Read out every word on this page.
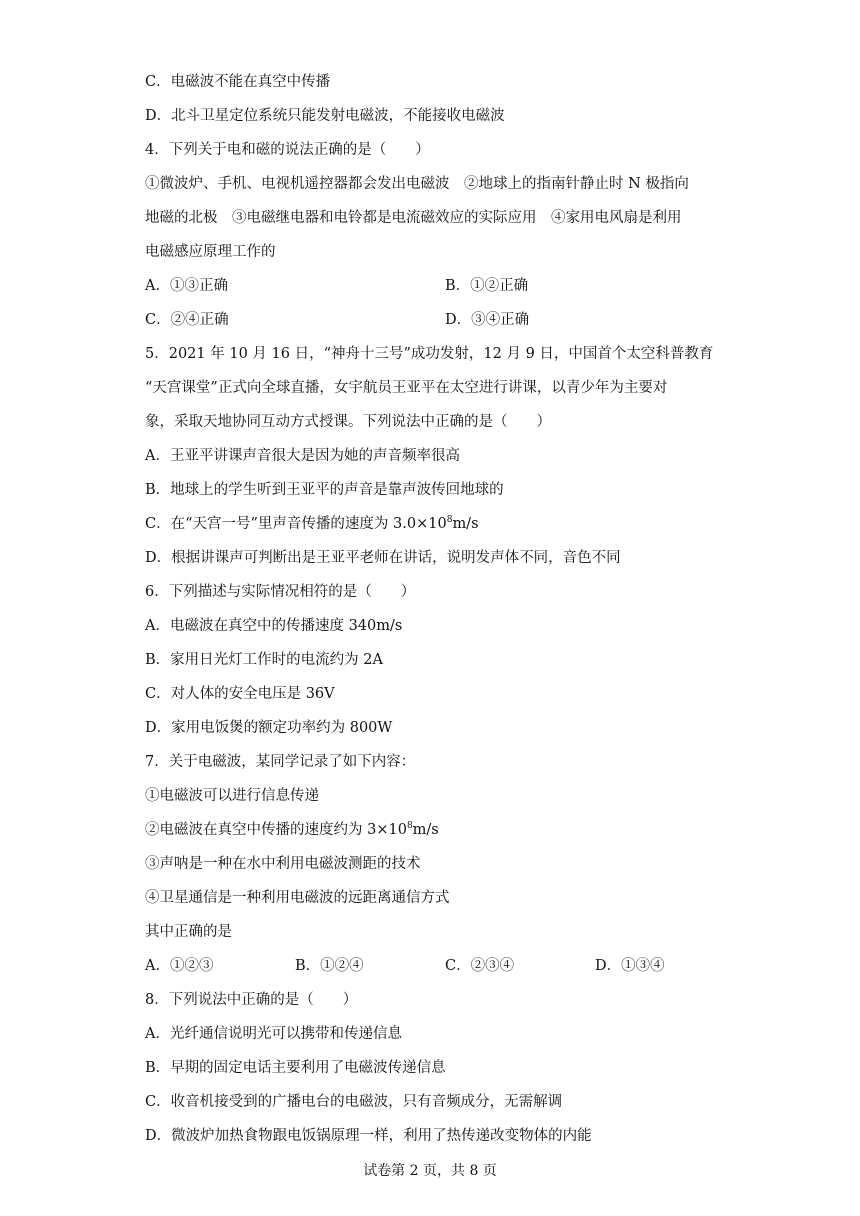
C．电磁波不能在真空中传播
D．北斗卫星定位系统只能发射电磁波，不能接收电磁波
4．下列关于电和磁的说法正确的是（　　）
①微波炉、手机、电视机遥控器都会发出电磁波　②地球上的指南针静止时 N 极指向
地磁的北极　③电磁继电器和电铃都是电流磁效应的实际应用　④家用电风扇是利用
电磁感应原理工作的
A．①③正确	B．①②正确
C．②④正确	D．③④正确
5．2021 年 10 月 16 日，“神舟十三号”成功发射，12 月 9 日，中国首个太空科普教育
“天宫课堂”正式向全球直播，女宇航员王亚平在太空进行讲课，以青少年为主要对
象，采取天地协同互动方式授课。下列说法中正确的是（　　）
A．王亚平讲课声音很大是因为她的声音频率很高
B．地球上的学生听到王亚平的声音是靠声波传回地球的
C．在“天宫一号”里声音传播的速度为 $3.0\times 10^8m/s$
D．根据讲课声可判断出是王亚平老师在讲话，说明发声体不同，音色不同
6．下列描述与实际情况相符的是（　　）
A．电磁波在真空中的传播速度 340m/s
B．家用日光灯工作时的电流约为 2A
C．对人体的安全电压是 36V
D．家用电饭煲的额定功率约为 800W
7．关于电磁波，某同学记录了如下内容：
①电磁波可以进行信息传递
②电磁波在真空中传播的速度约为 $3\times 10^8m/s$
③声呐是一种在水中利用电磁波测距的技术
④卫星通信是一种利用电磁波的远距离通信方式
其中正确的是
A．①②③	B．①②④	C．②③④	D．①③④
8．下列说法中正确的是（　　）
A．光纤通信说明光可以携带和传递信息
B．早期的固定电话主要利用了电磁波传递信息
C．收音机接受到的广播电台的电磁波，只有音频成分，无需解调
D．微波炉加热食物跟电饭锅原理一样，利用了热传递改变物体的内能
试卷第 2 页，共 8 页
